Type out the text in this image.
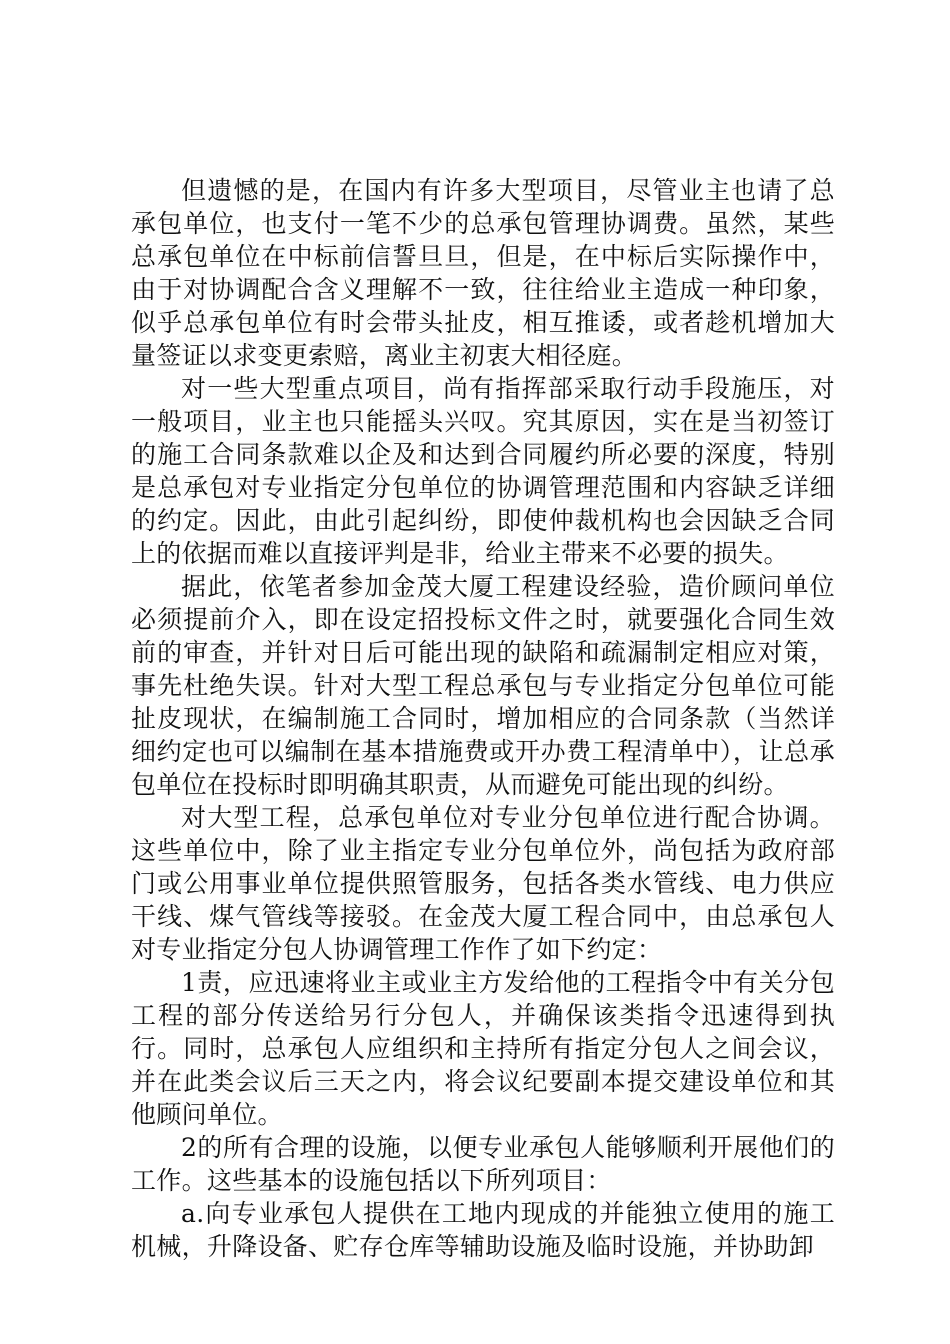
但遗憾的是，在国内有许多大型项目，尽管业主也请了总承包单位，也支付一笔不少的总承包管理协调费。虽然，某些总承包单位在中标前信誓旦旦，但是，在中标后实际操作中，由于对协调配合含义理解不一致，往往给业主造成一种印象，似乎总承包单位有时会带头扯皮，相互推诿，或者趁机增加大量签证以求变更索赔，离业主初衷大相径庭。

对一些大型重点项目，尚有指挥部采取行动手段施压，对一般项目，业主也只能摇头兴叹。究其原因，实在是当初签订的施工合同条款难以企及和达到合同履约所必要的深度，特别是总承包对专业指定分包单位的协调管理范围和内容缺乏详细的约定。因此，由此引起纠纷，即使仲裁机构也会因缺乏合同上的依据而难以直接评判是非，给业主带来不必要的损失。

据此，依笔者参加金茂大厦工程建设经验，造价顾问单位必须提前介入，即在设定招投标文件之时，就要强化合同生效前的审查，并针对日后可能出现的缺陷和疏漏制定相应对策，事先杜绝失误。针对大型工程总承包与专业指定分包单位可能扯皮现状，在编制施工合同时，增加相应的合同条款（当然详细约定也可以编制在基本措施费或开办费工程清单中），让总承包单位在投标时即明确其职责，从而避免可能出现的纠纷。

对大型工程，总承包单位对专业分包单位进行配合协调。这些单位中，除了业主指定专业分包单位外，尚包括为政府部门或公用事业单位提供照管服务，包括各类水管线、电力供应干线、煤气管线等接驳。在金茂大厦工程合同中，由总承包人对专业指定分包人协调管理工作作了如下约定：

1责，应迅速将业主或业主方发给他的工程指令中有关分包工程的部分传送给另行分包人，并确保该类指令迅速得到执行。同时，总承包人应组织和主持所有指定分包人之间会议，并在此类会议后三天之内，将会议纪要副本提交建设单位和其他顾问单位。

2的所有合理的设施，以便专业承包人能够顺利开展他们的工作。这些基本的设施包括以下所列项目：

a.向专业承包人提供在工地内现成的并能独立使用的施工机械，升降设备、贮存仓库等辅助设施及临时设施，并协助卸
